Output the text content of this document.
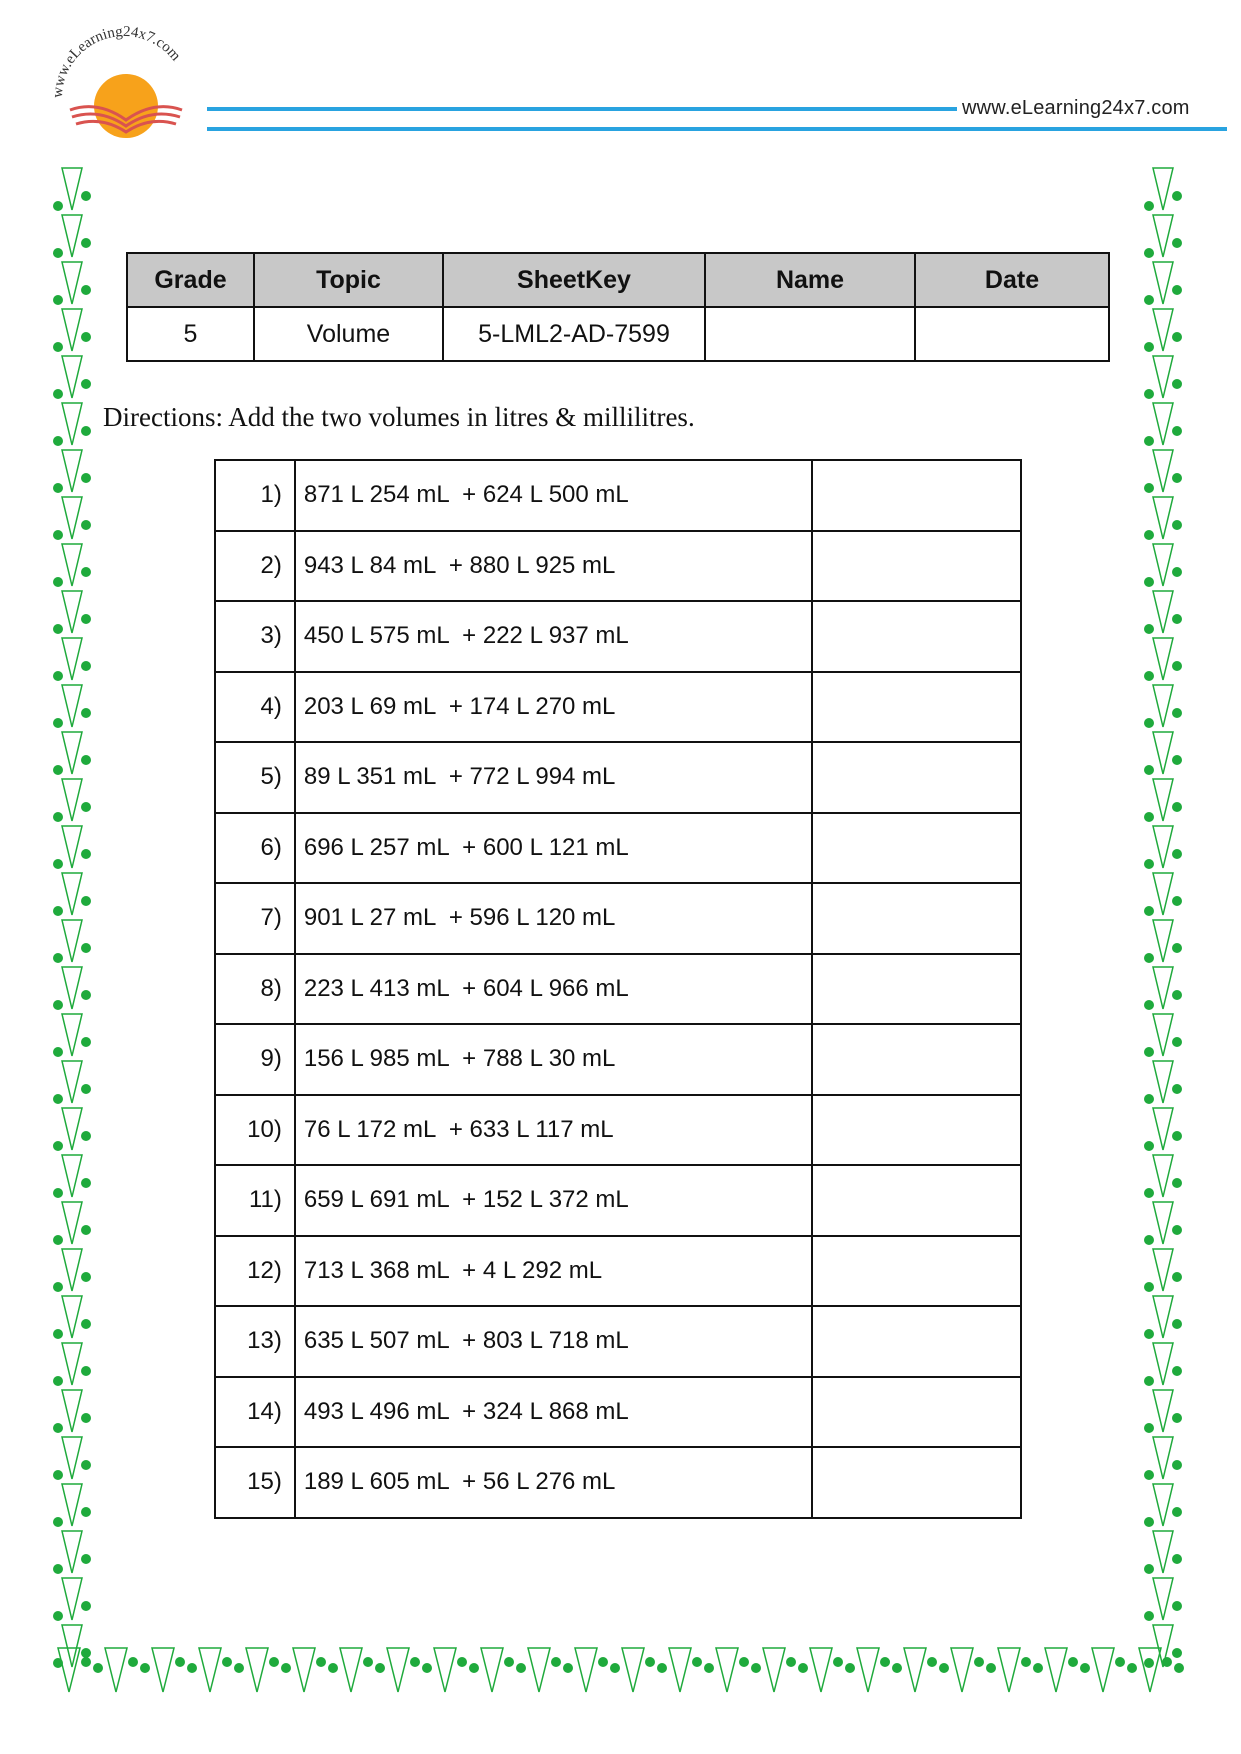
www.eLearning24x7.com
www.eLearning24x7.com
Grade	Topic	SheetKey	Name	Date
5	Volume	5-LML2-AD-7599		
Directions: Add the two volumes in litres & millilitres.
1)	871 L 254 mL  + 624 L 500 mL	
2)	943 L 84 mL  + 880 L 925 mL	
3)	450 L 575 mL  + 222 L 937 mL	
4)	203 L 69 mL  + 174 L 270 mL	
5)	89 L 351 mL  + 772 L 994 mL	
6)	696 L 257 mL  + 600 L 121 mL	
7)	901 L 27 mL  + 596 L 120 mL	
8)	223 L 413 mL  + 604 L 966 mL	
9)	156 L 985 mL  + 788 L 30 mL	
10)	76 L 172 mL  + 633 L 117 mL	
11)	659 L 691 mL  + 152 L 372 mL	
12)	713 L 368 mL  + 4 L 292 mL	
13)	635 L 507 mL  + 803 L 718 mL	
14)	493 L 496 mL  + 324 L 868 mL	
15)	189 L 605 mL  + 56 L 276 mL	
